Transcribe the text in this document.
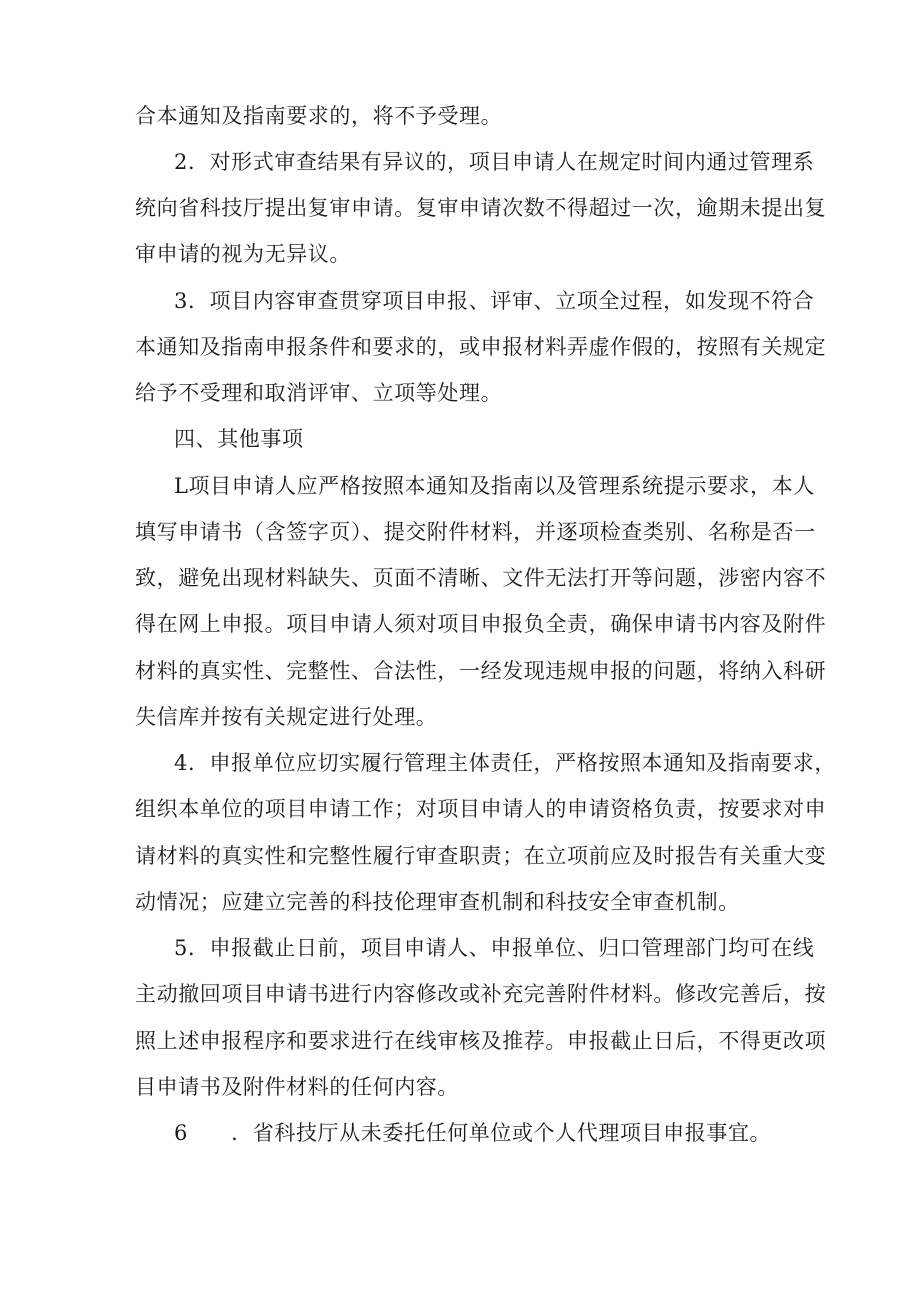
合本通知及指南要求的，将不予受理。
2．对形式审查结果有异议的，项目申请人在规定时间内通过管理系
统向省科技厅提出复审申请。复审申请次数不得超过一次，逾期未提出复
审申请的视为无异议。
3．项目内容审查贯穿项目申报、评审、立项全过程，如发现不符合
本通知及指南申报条件和要求的，或申报材料弄虚作假的，按照有关规定
给予不受理和取消评审、立项等处理。
四、其他事项
L项目申请人应严格按照本通知及指南以及管理系统提示要求，本人
填写申请书（含签字页）、提交附件材料，并逐项检查类别、名称是否一
致，避免出现材料缺失、页面不清晰、文件无法打开等问题，涉密内容不
得在网上申报。项目申请人须对项目申报负全责，确保申请书内容及附件
材料的真实性、完整性、合法性，一经发现违规申报的问题，将纳入科研
失信库并按有关规定进行处理。
4．申报单位应切实履行管理主体责任，严格按照本通知及指南要求，
组织本单位的项目申请工作；对项目申请人的申请资格负责，按要求对申
请材料的真实性和完整性履行审查职责；在立项前应及时报告有关重大变
动情况；应建立完善的科技伦理审查机制和科技安全审查机制。
5．申报截止日前，项目申请人、申报单位、归口管理部门均可在线
主动撤回项目申请书进行内容修改或补充完善附件材料。修改完善后，按
照上述申报程序和要求进行在线审核及推荐。申报截止日后，不得更改项
目申请书及附件材料的任何内容。
6　　．省科技厅从未委托任何单位或个人代理项目申报事宜。
